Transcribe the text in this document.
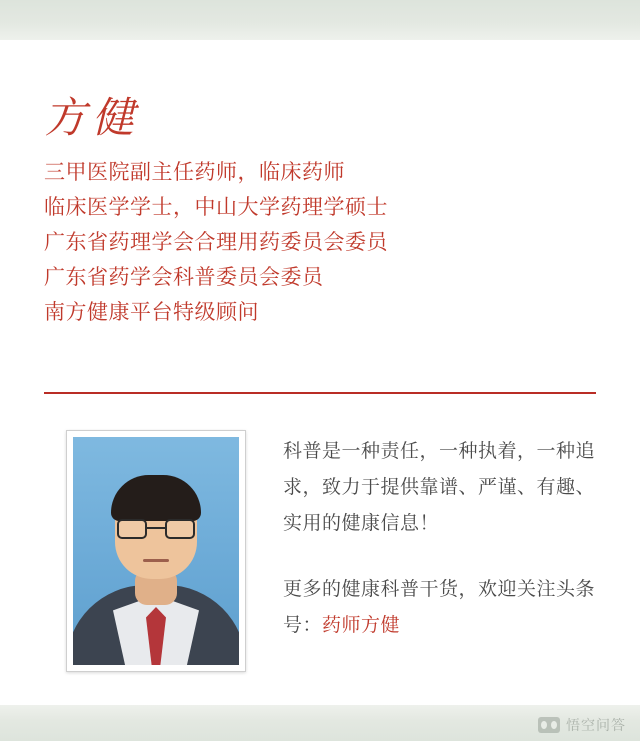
方健
三甲医院副主任药师，临床药师
临床医学学士，中山大学药理学硕士
广东省药理学会合理用药委员会委员
广东省药学会科普委员会委员
南方健康平台特级顾问

科普是一种责任，一种执着，一种追求，致力于提供靠谱、严谨、有趣、实用的健康信息！

更多的健康科普干货，欢迎关注头条号：药师方健

悟空问答
